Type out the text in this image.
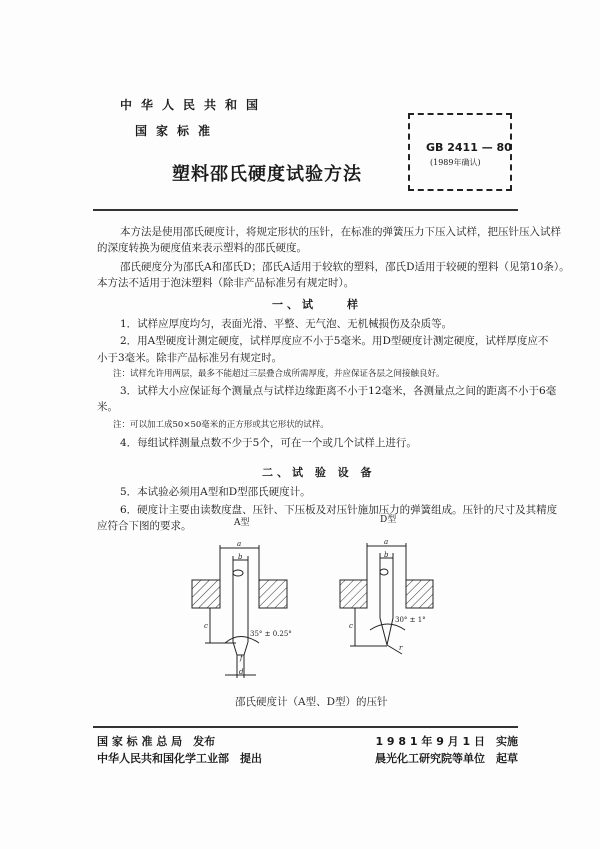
中华人民共和国
国家标准
塑料邵氏硬度试验方法
GB 2411 — 80
(1989年确认)
本方法是使用邵氏硬度计，将规定形状的压针，在标准的弹簧压力下压入试样，把压针压入试样
的深度转换为硬度值来表示塑料的邵氏硬度。
邵氏硬度分为邵氏A和邵氏D；邵氏A适用于较软的塑料，邵氏D适用于较硬的塑料（见第10条）。
本方法不适用于泡沫塑料（除非产品标准另有规定时）。
一、试　　样
1．试样应厚度均匀，表面光滑、平整、无气泡、无机械损伤及杂质等。
2．用A型硬度计测定硬度，试样厚度应不小于5毫米。用D型硬度计测定硬度，试样厚度应不
小于3毫米。除非产品标准另有规定时。
注：试样允许用两层，最多不能超过三层叠合成所需厚度，并应保证各层之间接触良好。
3．试样大小应保证每个测量点与试样边缘距离不小于12毫米，各测量点之间的距离不小于6毫
米。
注：可以加工成50×50毫米的正方形或其它形状的试样。
4．每组试样测量点数不少于5个，可在一个或几个试样上进行。
二、试 验 设 备
5．本试验必须用A型和D型邵氏硬度计。
6．硬度计主要由读数度盘、压针、下压板及对压针施加压力的弹簧组成。压针的尺寸及其精度
应符合下图的要求。	A型	D型
a
b
a
b
c	c
d
f
r
35° ± 0.25°
30° ± 1°
邵氏硬度计（A型、D型）的压针
国 家 标 准 总 局　发布
中华人民共和国化学工业部　提出
1 9 8 1 年 9 月 1 日　实施
晨光化工研究院等单位　起草
